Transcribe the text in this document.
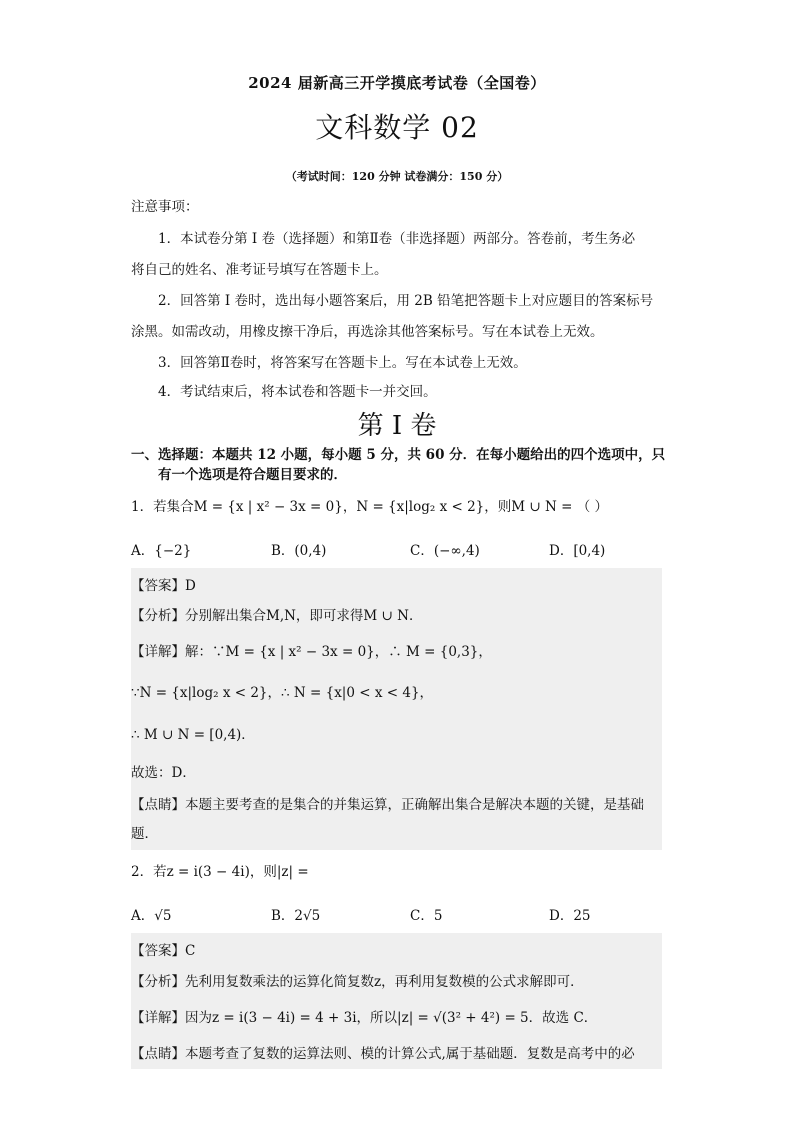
2024 届新高三开学摸底考试卷（全国卷）
文科数学 02
（考试时间：120 分钟 试卷满分：150 分）
注意事项：
1．本试卷分第 I 卷（选择题）和第Ⅱ卷（非选择题）两部分。答卷前，考生务必
将自己的姓名、准考证号填写在答题卡上。
2．回答第 I 卷时，选出每小题答案后，用 2B 铅笔把答题卡上对应题目的答案标号
涂黑。如需改动，用橡皮擦干净后，再选涂其他答案标号。写在本试卷上无效。
3．回答第Ⅱ卷时，将答案写在答题卡上。写在本试卷上无效。
4．考试结束后，将本试卷和答题卡一并交回。
第 I 卷
一、选择题：本题共 12 小题，每小题 5 分，共 60 分．在每小题给出的四个选项中，只
有一个选项是符合题目要求的．
1．若集合M = {x | x² − 3x = 0}，N = {x|log₂ x < 2}，则M ∪ N = （ ）
A．{−2}	B．(0,4)	C．(−∞,4)	D．[0,4)
【答案】D
【分析】分别解出集合M,N，即可求得M ∪ N．
【详解】解：∵M = {x | x² − 3x = 0}，∴ M = {0,3}，
∵N = {x|log₂ x < 2}，∴ N = {x|0 < x < 4}，
∴ M ∪ N = [0,4)．
故选：D．
【点睛】本题主要考查的是集合的并集运算，正确解出集合是解决本题的关键，是基础
题．
2．若z = i(3 − 4i)，则|z| =
A．√5	B．2√5	C．5	D．25
【答案】C
【分析】先利用复数乘法的运算化简复数z，再利用复数模的公式求解即可．
【详解】因为z = i(3 − 4i) = 4 + 3i，所以|z| = √(3² + 4²) = 5．故选 C．
【点睛】本题考查了复数的运算法则、模的计算公式,属于基础题．复数是高考中的必
